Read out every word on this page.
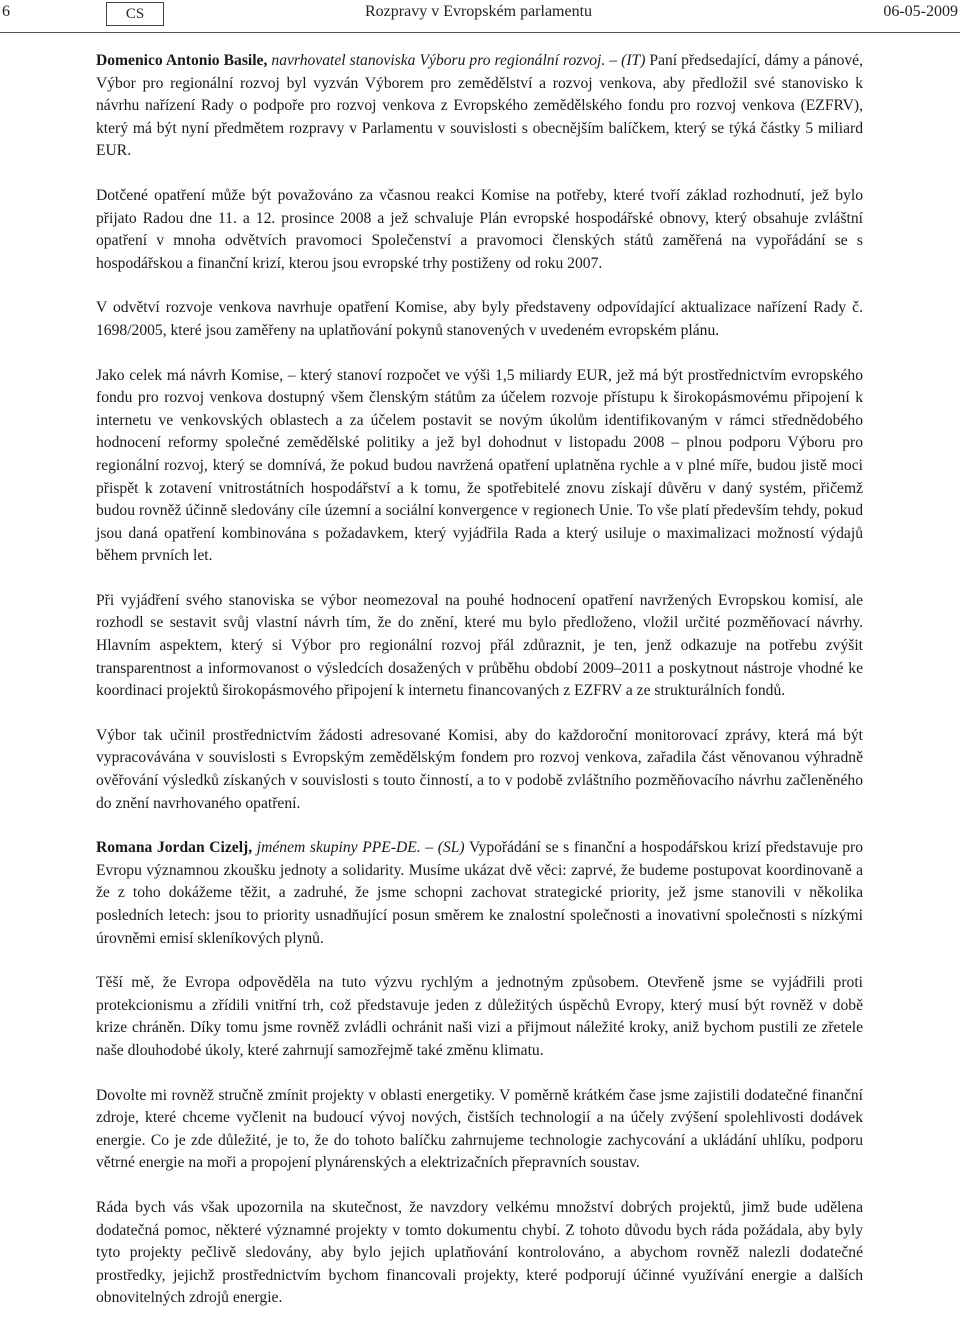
6	CS	Rozpravy v Evropském parlamentu	06-05-2009

Domenico Antonio Basile, navrhovatel stanoviska Výboru pro regionální rozvoj. – (IT) Paní předsedající, dámy a pánové, Výbor pro regionální rozvoj byl vyzván Výborem pro zemědělství a rozvoj venkova, aby předložil své stanovisko k návrhu nařízení Rady o podpoře pro rozvoj venkova z Evropského zemědělského fondu pro rozvoj venkova (EZFRV), který má být nyní předmětem rozpravy v Parlamentu v souvislosti s obecnějším balíčkem, který se týká částky 5 miliard EUR.

Dotčené opatření může být považováno za včasnou reakci Komise na potřeby, které tvoří základ rozhodnutí, jež bylo přijato Radou dne 11. a 12. prosince 2008 a jež schvaluje Plán evropské hospodářské obnovy, který obsahuje zvláštní opatření v mnoha odvětvích pravomoci Společenství a pravomoci členských států zaměřená na vypořádání se s hospodářskou a finanční krizí, kterou jsou evropské trhy postiženy od roku 2007.

V odvětví rozvoje venkova navrhuje opatření Komise, aby byly představeny odpovídající aktualizace nařízení Rady č. 1698/2005, které jsou zaměřeny na uplatňování pokynů stanovených v uvedeném evropském plánu.

Jako celek má návrh Komise, – který stanoví rozpočet ve výši 1,5 miliardy EUR, jež má být prostřednictvím evropského fondu pro rozvoj venkova dostupný všem členským státům za účelem rozvoje přístupu k širokopásmovému připojení k internetu ve venkovských oblastech a za účelem postavit se novým úkolům identifikovaným v rámci střednědobého hodnocení reformy společné zemědělské politiky a jež byl dohodnut v listopadu 2008 – plnou podporu Výboru pro regionální rozvoj, který se domnívá, že pokud budou navržená opatření uplatněna rychle a v plné míře, budou jistě moci přispět k zotavení vnitrostátních hospodářství a k tomu, že spotřebitelé znovu získají důvěru v daný systém, přičemž budou rovněž účinně sledovány cíle územní a sociální konvergence v regionech Unie. To vše platí především tehdy, pokud jsou daná opatření kombinována s požadavkem, který vyjádřila Rada a který usiluje o maximalizaci možností výdajů během prvních let.

Při vyjádření svého stanoviska se výbor neomezoval na pouhé hodnocení opatření navržených Evropskou komisí, ale rozhodl se sestavit svůj vlastní návrh tím, že do znění, které mu bylo předloženo, vložil určité pozměňovací návrhy. Hlavním aspektem, který si Výbor pro regionální rozvoj přál zdůraznit, je ten, jenž odkazuje na potřebu zvýšit transparentnost a informovanost o výsledcích dosažených v průběhu období 2009–2011 a poskytnout nástroje vhodné ke koordinaci projektů širokopásmového připojení k internetu financovaných z EZFRV a ze strukturálních fondů.

Výbor tak učinil prostřednictvím žádosti adresované Komisi, aby do každoroční monitorovací zprávy, která má být vypracovávána v souvislosti s Evropským zemědělským fondem pro rozvoj venkova, zařadila část věnovanou výhradně ověřování výsledků získaných v souvislosti s touto činností, a to v podobě zvláštního pozměňovacího návrhu začleněného do znění navrhovaného opatření.

Romana Jordan Cizelj, jménem skupiny PPE-DE. – (SL) Vypořádání se s finanční a hospodářskou krizí představuje pro Evropu významnou zkoušku jednoty a solidarity. Musíme ukázat dvě věci: zaprvé, že budeme postupovat koordinovaně a že z toho dokážeme těžit, a zadruhé, že jsme schopni zachovat strategické priority, jež jsme stanovili v několika posledních letech: jsou to priority usnadňující posun směrem ke znalostní společnosti a inovativní společnosti s nízkými úrovněmi emisí skleníkových plynů.

Těší mě, že Evropa odpověděla na tuto výzvu rychlým a jednotným způsobem. Otevřeně jsme se vyjádřili proti protekcionismu a zřídili vnitřní trh, což představuje jeden z důležitých úspěchů Evropy, který musí být rovněž v době krize chráněn. Díky tomu jsme rovněž zvládli ochránit naši vizi a přijmout náležité kroky, aniž bychom pustili ze zřetele naše dlouhodobé úkoly, které zahrnují samozřejmě také změnu klimatu.

Dovolte mi rovněž stručně zmínit projekty v oblasti energetiky. V poměrně krátkém čase jsme zajistili dodatečné finanční zdroje, které chceme vyčlenit na budoucí vývoj nových, čistších technologií a na účely zvýšení spolehlivosti dodávek energie. Co je zde důležité, je to, že do tohoto balíčku zahrnujeme technologie zachycování a ukládání uhlíku, podporu větrné energie na moři a propojení plynárenských a elektrizačních přepravních soustav.

Ráda bych vás však upozornila na skutečnost, že navzdory velkému množství dobrých projektů, jimž bude udělena dodatečná pomoc, některé významné projekty v tomto dokumentu chybí. Z tohoto důvodu bych ráda požádala, aby byly tyto projekty pečlivě sledovány, aby bylo jejich uplatňování kontrolováno, a abychom rovněž nalezli dodatečné prostředky, jejichž prostřednictvím bychom financovali projekty, které podporují účinné využívání energie a dalších obnovitelných zdrojů energie.
